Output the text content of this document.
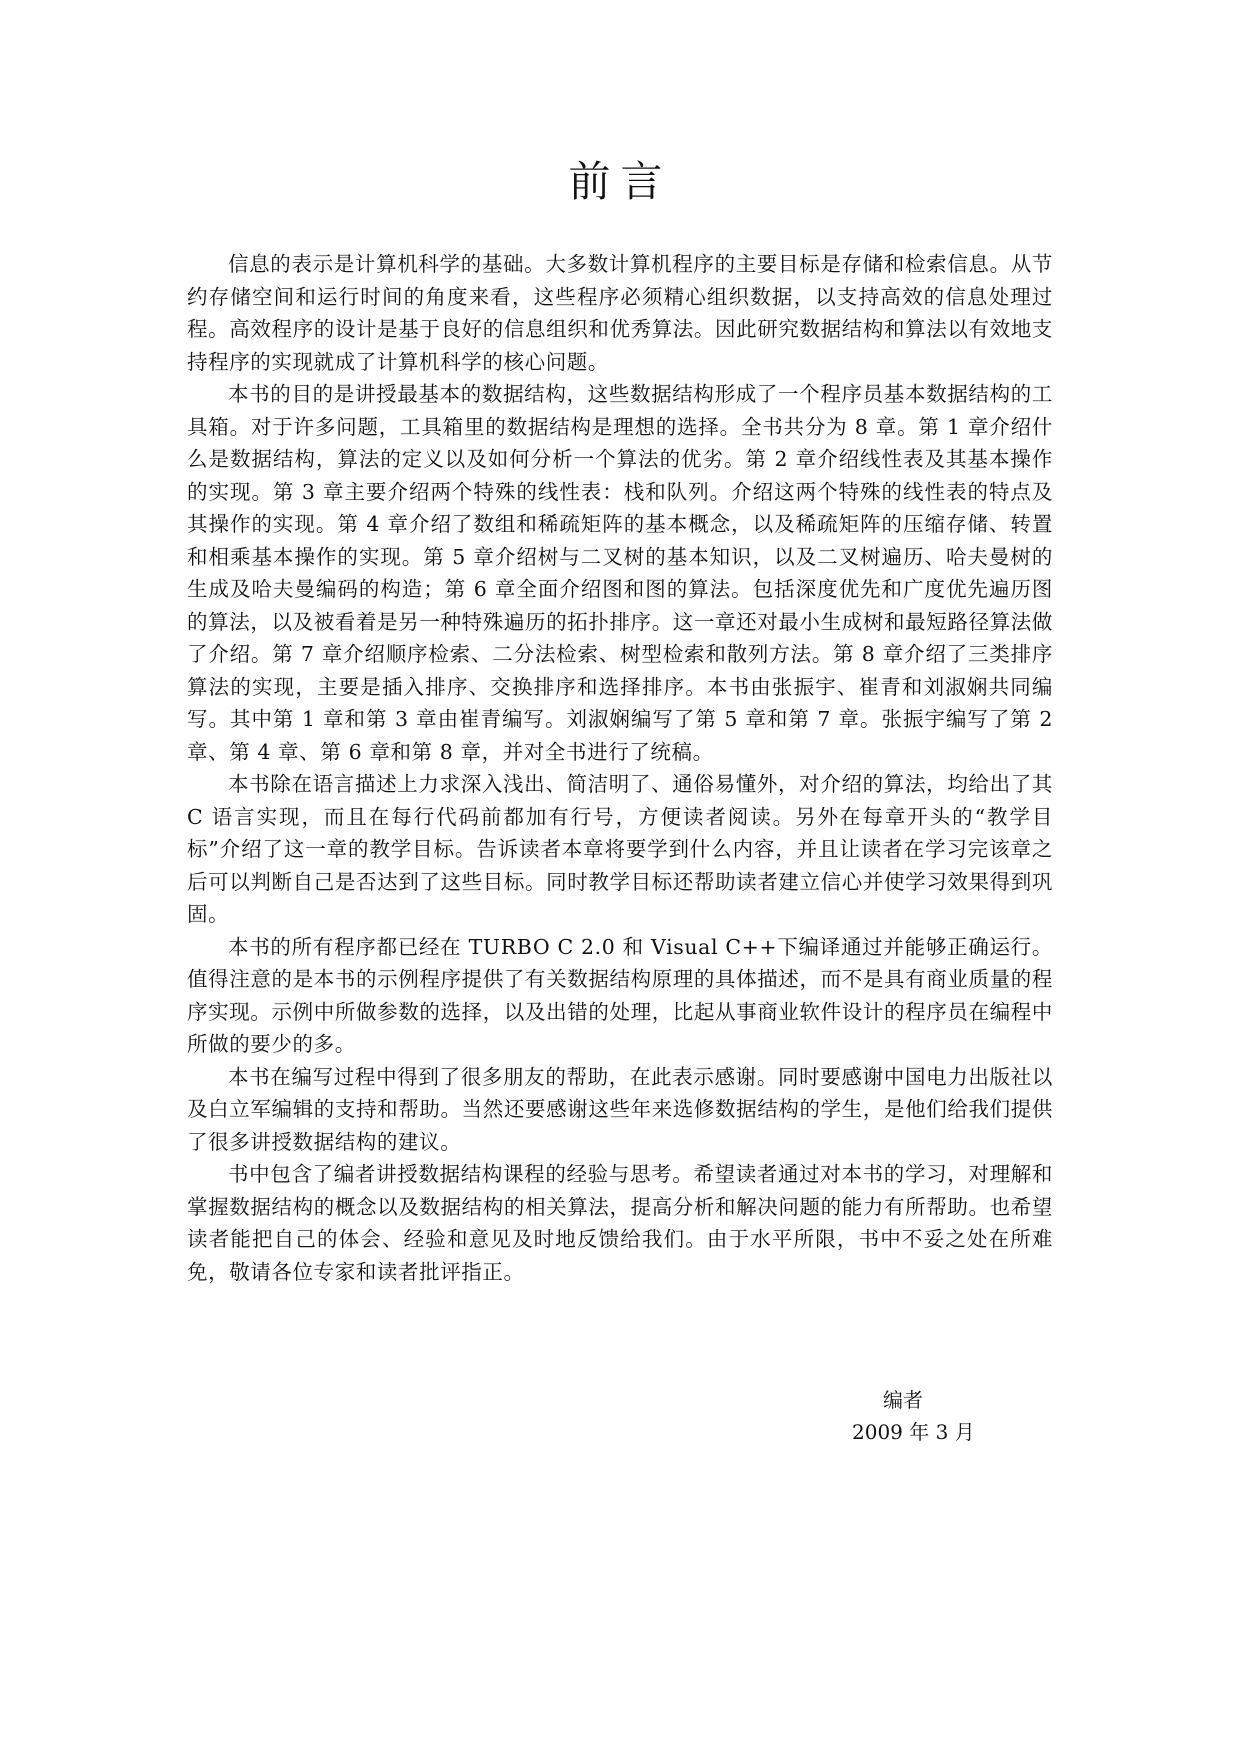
前言

信息的表示是计算机科学的基础。大多数计算机程序的主要目标是存储和检索信息。从节约存储空间和运行时间的角度来看，这些程序必须精心组织数据，以支持高效的信息处理过程。高效程序的设计是基于良好的信息组织和优秀算法。因此研究数据结构和算法以有效地支持程序的实现就成了计算机科学的核心问题。

本书的目的是讲授最基本的数据结构，这些数据结构形成了一个程序员基本数据结构的工具箱。对于许多问题，工具箱里的数据结构是理想的选择。全书共分为 8 章。第 1 章介绍什么是数据结构，算法的定义以及如何分析一个算法的优劣。第 2 章介绍线性表及其基本操作的实现。第 3 章主要介绍两个特殊的线性表：栈和队列。介绍这两个特殊的线性表的特点及其操作的实现。第 4 章介绍了数组和稀疏矩阵的基本概念，以及稀疏矩阵的压缩存储、转置和相乘基本操作的实现。第 5 章介绍树与二叉树的基本知识，以及二叉树遍历、哈夫曼树的生成及哈夫曼编码的构造；第 6 章全面介绍图和图的算法。包括深度优先和广度优先遍历图的算法，以及被看着是另一种特殊遍历的拓扑排序。这一章还对最小生成树和最短路径算法做了介绍。第 7 章介绍顺序检索、二分法检索、树型检索和散列方法。第 8 章介绍了三类排序算法的实现，主要是插入排序、交换排序和选择排序。本书由张振宇、崔青和刘淑娴共同编写。其中第 1 章和第 3 章由崔青编写。刘淑娴编写了第 5 章和第 7 章。张振宇编写了第 2 章、第 4 章、第 6 章和第 8 章，并对全书进行了统稿。

本书除在语言描述上力求深入浅出、简洁明了、通俗易懂外，对介绍的算法，均给出了其 C 语言实现，而且在每行代码前都加有行号，方便读者阅读。另外在每章开头的“教学目标”介绍了这一章的教学目标。告诉读者本章将要学到什么内容，并且让读者在学习完该章之后可以判断自己是否达到了这些目标。同时教学目标还帮助读者建立信心并使学习效果得到巩固。

本书的所有程序都已经在 TURBO C 2.0 和 Visual C++下编译通过并能够正确运行。值得注意的是本书的示例程序提供了有关数据结构原理的具体描述，而不是具有商业质量的程序实现。示例中所做参数的选择，以及出错的处理，比起从事商业软件设计的程序员在编程中所做的要少的多。

本书在编写过程中得到了很多朋友的帮助，在此表示感谢。同时要感谢中国电力出版社以及白立军编辑的支持和帮助。当然还要感谢这些年来选修数据结构的学生，是他们给我们提供了很多讲授数据结构的建议。

书中包含了编者讲授数据结构课程的经验与思考。希望读者通过对本书的学习，对理解和掌握数据结构的概念以及数据结构的相关算法，提高分析和解决问题的能力有所帮助。也希望读者能把自己的体会、经验和意见及时地反馈给我们。由于水平所限，书中不妥之处在所难免，敬请各位专家和读者批评指正。

编者
2009 年 3 月
